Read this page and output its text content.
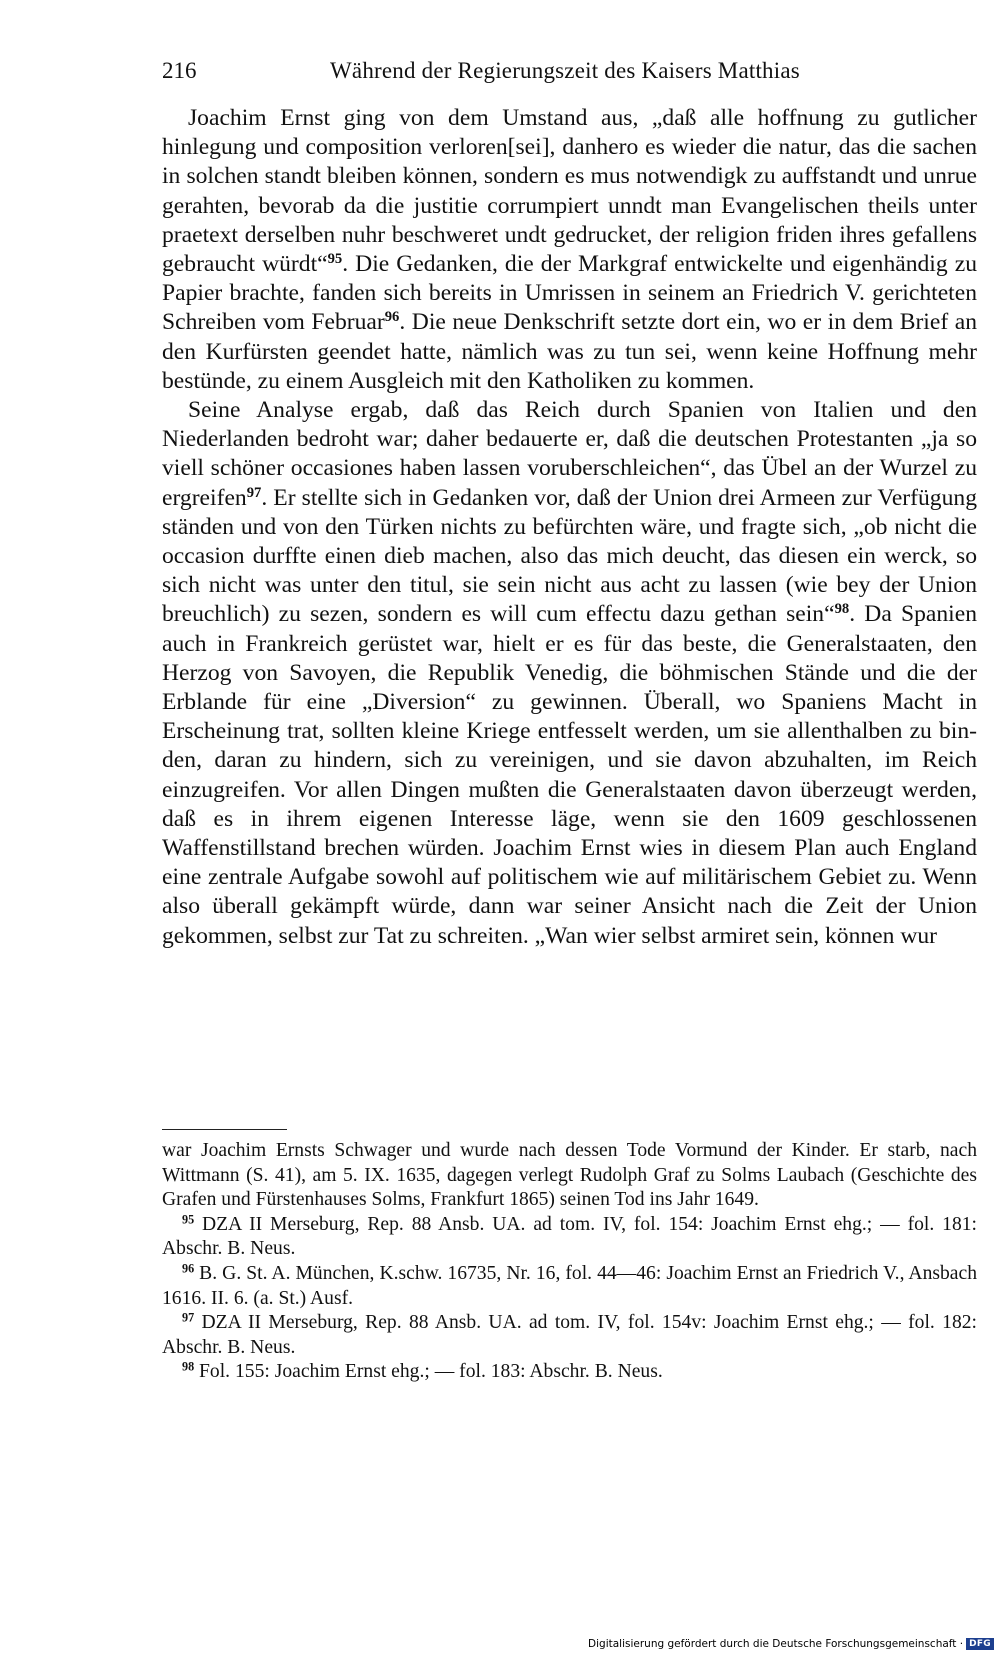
216	Während der Regierungszeit des Kaisers Matthias

Joachim Ernst ging von dem Umstand aus, „daß alle hoffnung zu gutlicher hinlegung und composition verloren[sei], danhero es wieder die natur, das die sachen in solchen standt bleiben können, sondern es mus notwendigk zu auffstandt und unrue gerahten, bevorab da die justitie corrumpiert unndt man Evangelischen theils unter praetext derselben nuhr beschweret undt gedrucket, der religion friden ihres gefallens gebraucht würdt“$^{95}$. Die Gedanken, die der Markgraf entwickelte und eigenhändig zu Papier brachte, fanden sich bereits in Umrissen in seinem an Friedrich V. gerichteten Schreiben vom Februar$^{96}$. Die neue Denkschrift setzte dort ein, wo er in dem Brief an den Kurfürsten geendet hatte, nämlich was zu tun sei, wenn keine Hoffnung mehr bestünde, zu einem Ausgleich mit den Katholiken zu kommen.

Seine Analyse ergab, daß das Reich durch Spanien von Italien und den Niederlanden bedroht war; daher bedauerte er, daß die deutschen Protestanten „ja so viell schöner occasiones haben lassen voruberschleichen“, das Übel an der Wurzel zu ergreifen$^{97}$. Er stellte sich in Gedanken vor, daß der Union drei Armeen zur Verfügung ständen und von den Türken nichts zu befürchten wäre, und fragte sich, „ob nicht die occasion durffte einen dieb machen, also das mich deucht, das diesen ein werck, so sich nicht was unter den titul, sie sein nicht aus acht zu lassen (wie bey der Union breuchlich) zu sezen, sondern es will cum effectu dazu gethan sein“$^{98}$. Da Spanien auch in Frankreich gerüstet war, hielt er es für das beste, die Generalstaaten, den Herzog von Savoyen, die Republik Venedig, die böhmischen Stände und die der Erblande für eine „Diversion“ zu gewinnen. Überall, wo Spaniens Macht in Erscheinung trat, sollten kleine Kriege entfesselt werden, um sie allenthalben zu binden, daran zu hindern, sich zu vereinigen, und sie davon abzuhalten, im Reich einzugreifen. Vor allen Dingen mußten die Generalstaaten davon überzeugt werden, daß es in ihrem eigenen Interesse läge, wenn sie den 1609 geschlossenen Waffenstillstand brechen würden. Joachim Ernst wies in diesem Plan auch England eine zentrale Aufgabe sowohl auf politischem wie auf militärischem Gebiet zu. Wenn also überall gekämpft würde, dann war seiner Ansicht nach die Zeit der Union gekommen, selbst zur Tat zu schreiten. „Wan wier selbst armiret sein, können wur

war Joachim Ernsts Schwager und wurde nach dessen Tode Vormund der Kinder. Er starb, nach Wittmann (S. 41), am 5. IX. 1635, dagegen verlegt Rudolph Graf zu Solms Laubach (Geschichte des Grafen und Fürstenhauses Solms, Frankfurt 1865) seinen Tod ins Jahr 1649.

$^{95}$ DZA II Merseburg, Rep. 88 Ansb. UA. ad tom. IV, fol. 154: Joachim Ernst ehg.; — fol. 181: Abschr. B. Neus.

$^{96}$ B. G. St. A. München, K.schw. 16735, Nr. 16, fol. 44—46: Joachim Ernst an Friedrich V., Ansbach 1616. II. 6. (a. St.) Ausf.

$^{97}$ DZA II Merseburg, Rep. 88 Ansb. UA. ad tom. IV, fol. 154v: Joachim Ernst ehg.; — fol. 182: Abschr. B. Neus.

$^{98}$ Fol. 155: Joachim Ernst ehg.; — fol. 183: Abschr. B. Neus.

Digitalisierung gefördert durch die Deutsche Forschungsgemeinschaft · DFG
